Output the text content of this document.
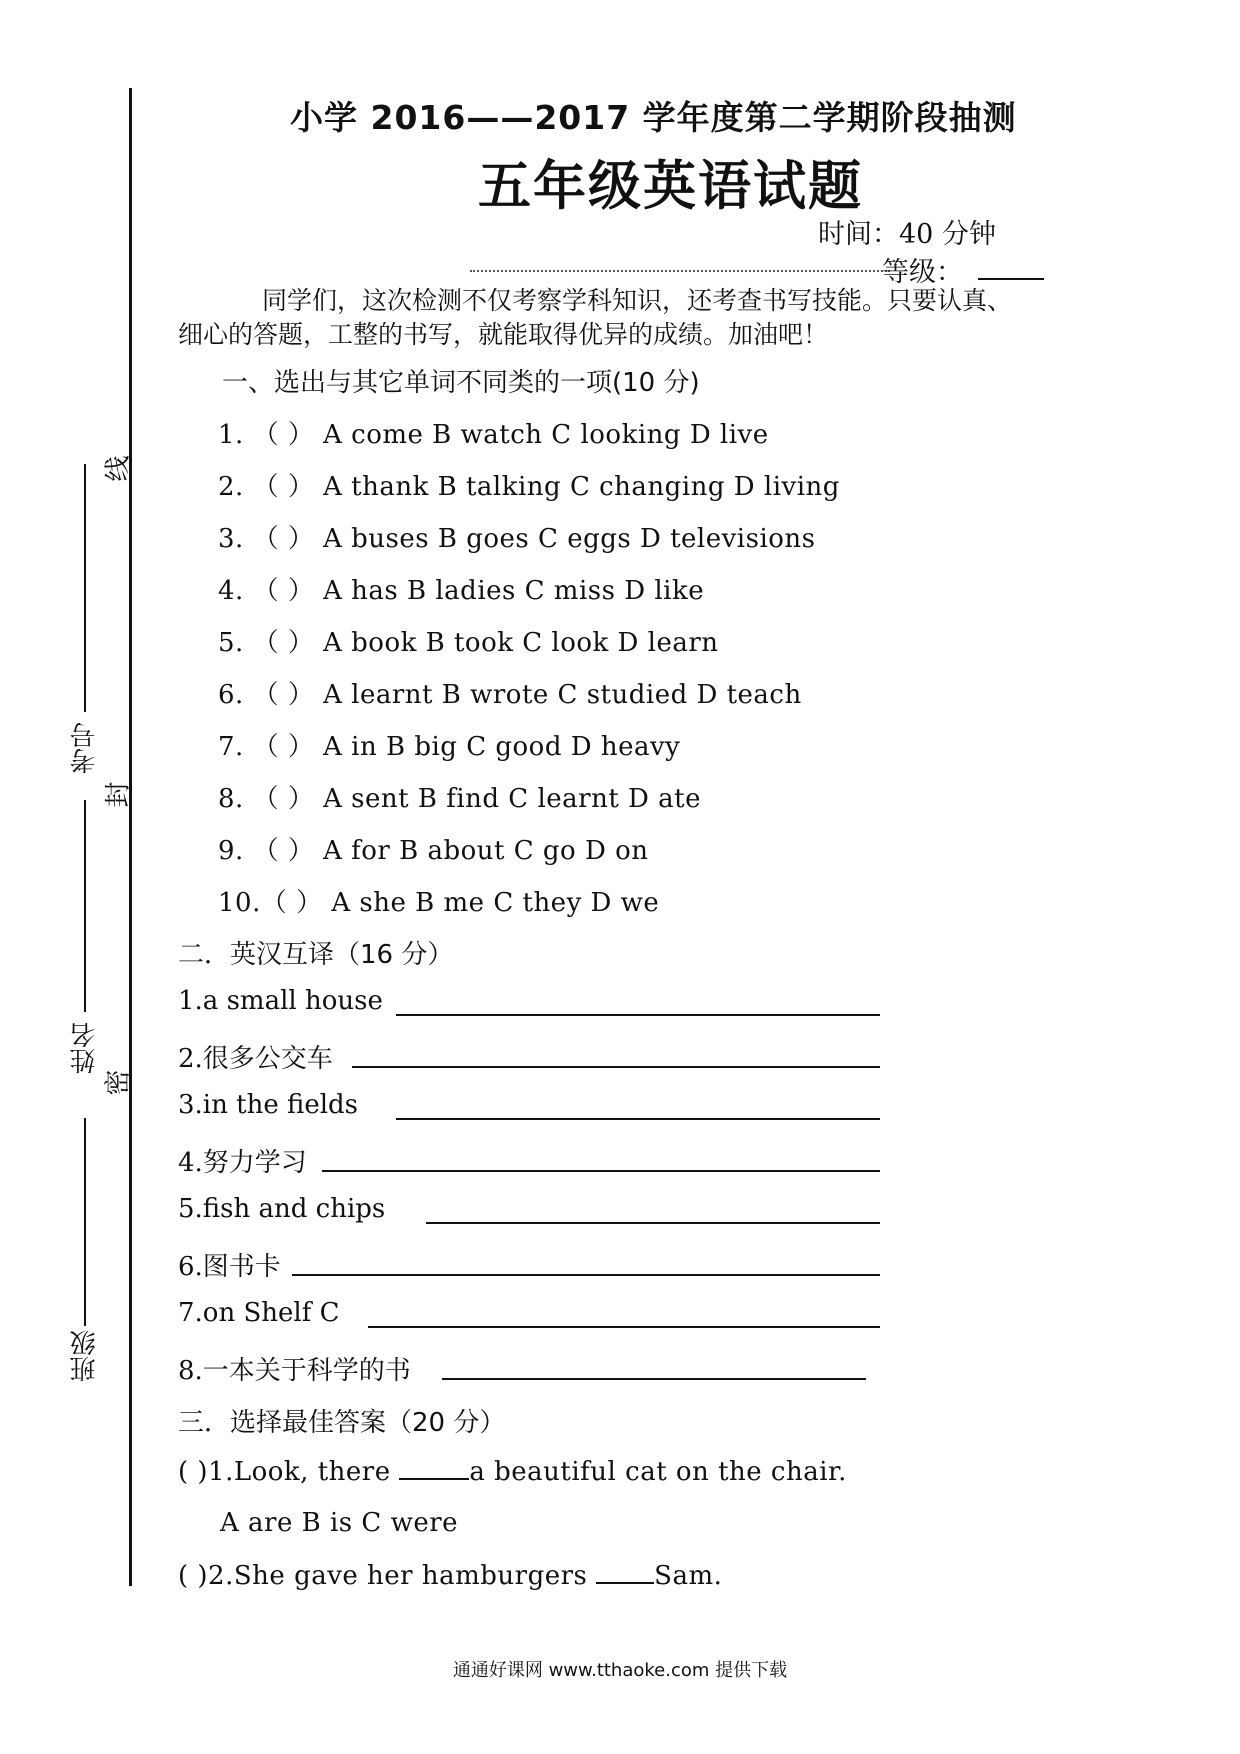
考号
姓名
班级
线
封
密
小学 2016——2017 学年度第二学期阶段抽测
五年级英语试题
时间：40 分钟
等级：
同学们，这次检测不仅考察学科知识，还考查书写技能。只要认真、
细心的答题，工整的书写，就能取得优异的成绩。加油吧！
一、选出与其它单词不同类的一项(10 分)
1. （ ） A come B watch C looking D live
2. （ ） A thank B talking C changing D living
3. （ ） A buses B goes C eggs D televisions
4. （ ） A has B ladies C miss D like
5. （ ） A book B took C look D learn
6. （ ） A learnt B wrote C studied D teach
7. （ ） A in B big C good D heavy
8. （ ） A sent B find C learnt D ate
9. （ ） A for B about C go D on
10.（ ） A she B me C they D we
二．英汉互译（16 分）
1.a small house
2.很多公交车
3.in the fields
4.努力学习
5.fish and chips
6.图书卡
7.on Shelf C
8.一本关于科学的书
三．选择最佳答案（20 分）
( )1.Look, there	a beautiful cat on the chair.
A are B is C were
( )2.She gave her hamburgers Sam.
通通好课网 www.tthaoke.com 提供下载
